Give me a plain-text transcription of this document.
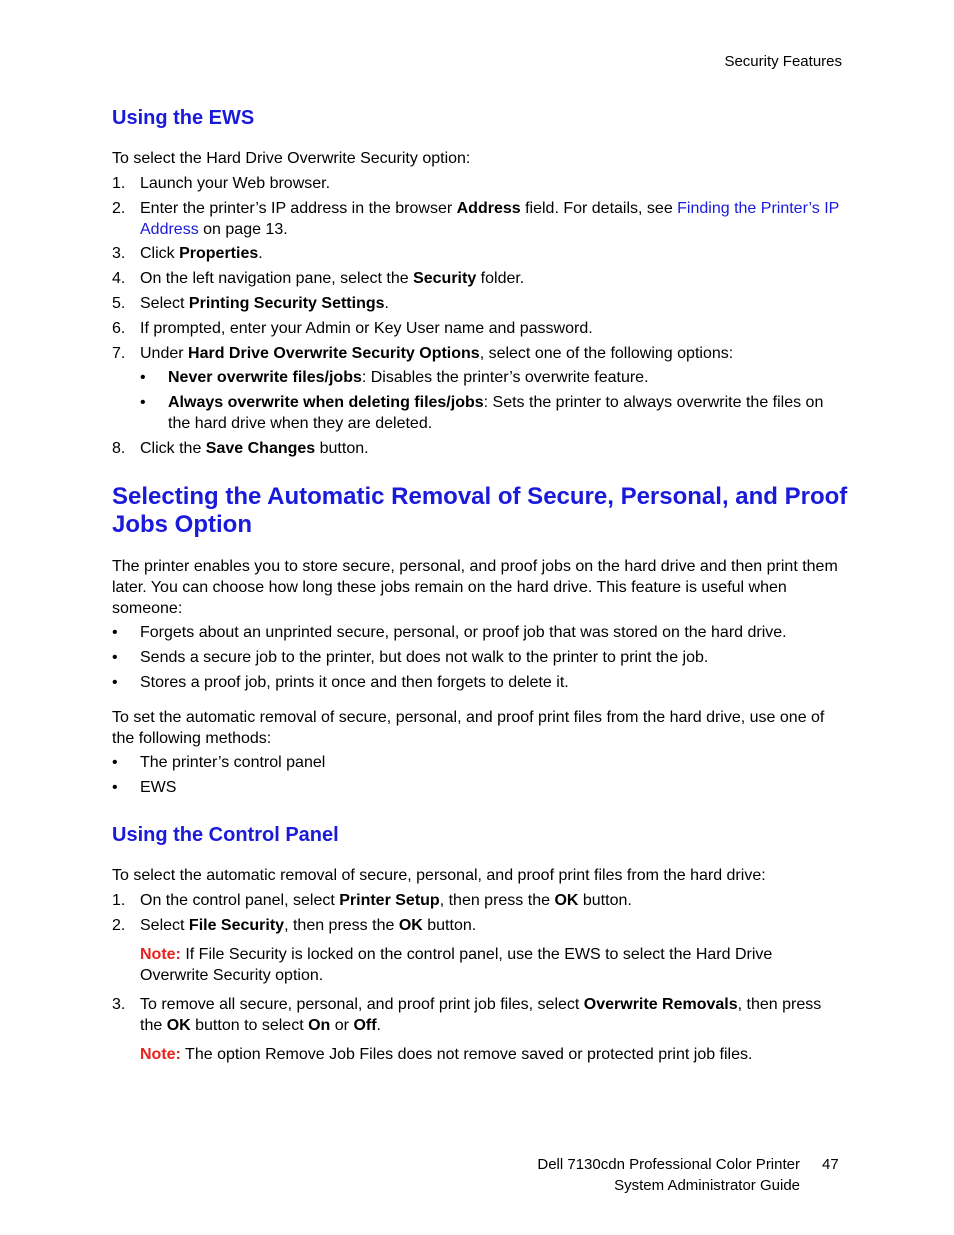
Security Features
Using the EWS
To select the Hard Drive Overwrite Security option:
1. Launch your Web browser.
2. Enter the printer’s IP address in the browser Address field. For details, see Finding the Printer’s IP Address on page 13.
3. Click Properties.
4. On the left navigation pane, select the Security folder.
5. Select Printing Security Settings.
6. If prompted, enter your Admin or Key User name and password.
7. Under Hard Drive Overwrite Security Options, select one of the following options:
• Never overwrite files/jobs: Disables the printer’s overwrite feature.
• Always overwrite when deleting files/jobs: Sets the printer to always overwrite the files on the hard drive when they are deleted.
8. Click the Save Changes button.
Selecting the Automatic Removal of Secure, Personal, and Proof Jobs Option
The printer enables you to store secure, personal, and proof jobs on the hard drive and then print them later. You can choose how long these jobs remain on the hard drive. This feature is useful when someone:
• Forgets about an unprinted secure, personal, or proof job that was stored on the hard drive.
• Sends a secure job to the printer, but does not walk to the printer to print the job.
• Stores a proof job, prints it once and then forgets to delete it.
To set the automatic removal of secure, personal, and proof print files from the hard drive, use one of the following methods:
• The printer’s control panel
• EWS
Using the Control Panel
To select the automatic removal of secure, personal, and proof print files from the hard drive:
1. On the control panel, select Printer Setup, then press the OK button.
2. Select File Security, then press the OK button.
Note: If File Security is locked on the control panel, use the EWS to select the Hard Drive Overwrite Security option.
3. To remove all secure, personal, and proof print job files, select Overwrite Removals, then press the OK button to select On or Off.
Note: The option Remove Job Files does not remove saved or protected print job files.
Dell 7130cdn Professional Color Printer
System Administrator Guide
47
